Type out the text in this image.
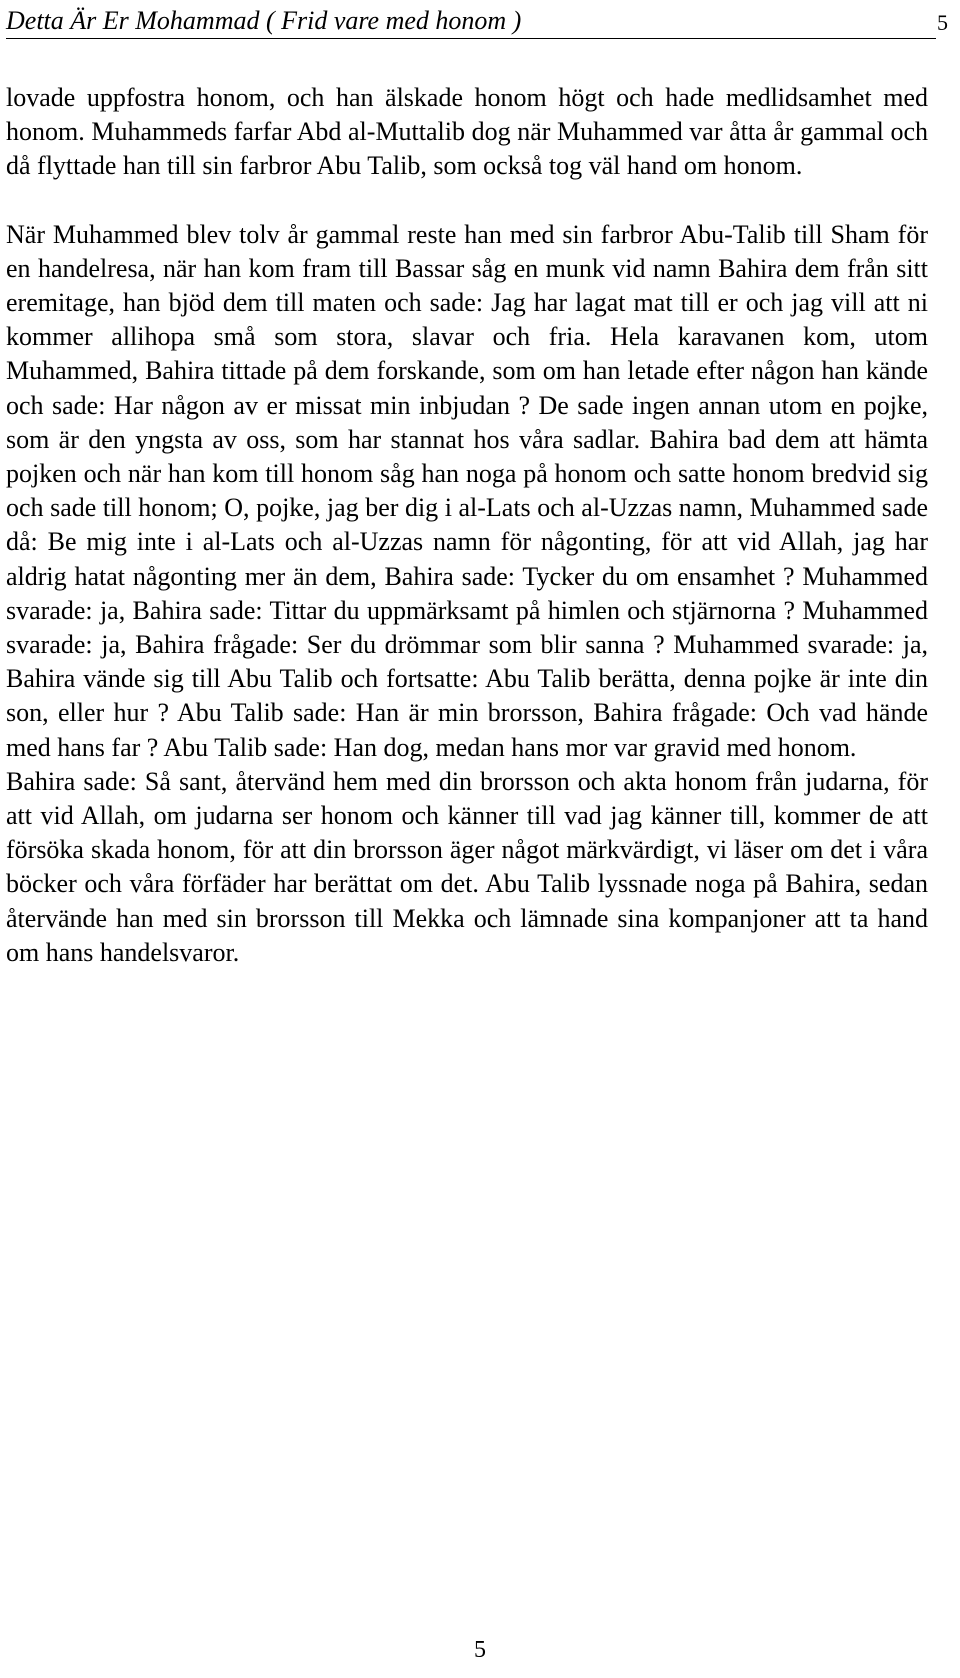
Detta Är Er Mohammad ( Frid vare med honom )	5

lovade uppfostra honom, och han älskade honom högt och hade medlidsamhet med honom. Muhammeds farfar Abd al-Muttalib dog när Muhammed var åtta år gammal och då flyttade han till sin farbror Abu Talib, som också tog väl hand om honom.

När Muhammed blev tolv år gammal reste han med sin farbror Abu-Talib till Sham för en handelresa, när han kom fram till Bassar såg en munk vid namn Bahira dem från sitt eremitage, han bjöd dem till maten och sade: Jag har lagat mat till er och jag vill att ni kommer allihopa små som stora, slavar och fria. Hela karavanen kom, utom Muhammed, Bahira tittade på dem forskande, som om han letade efter någon han kände och sade: Har någon av er missat min inbjudan ? De sade ingen annan utom en pojke, som är den yngsta av oss, som har stannat hos våra sadlar. Bahira bad dem att hämta pojken och när han kom till honom såg han noga på honom och satte honom bredvid sig och sade till honom; O, pojke, jag ber dig i al-Lats och al-Uzzas namn, Muhammed sade då: Be mig inte i al-Lats och al-Uzzas namn för någonting, för att vid Allah, jag har aldrig hatat någonting mer än dem, Bahira sade: Tycker du om ensamhet ? Muhammed svarade: ja, Bahira sade: Tittar du uppmärksamt på himlen och stjärnorna ? Muhammed svarade: ja, Bahira frågade: Ser du drömmar som blir sanna ? Muhammed svarade: ja, Bahira vände sig till Abu Talib och fortsatte: Abu Talib berätta, denna pojke är inte din son, eller hur ? Abu Talib sade: Han är min brorsson, Bahira frågade: Och vad hände med hans far ? Abu Talib sade: Han dog, medan hans mor var gravid med honom.

Bahira sade: Så sant, återvänd hem med din brorsson och akta honom från judarna, för att vid Allah, om judarna ser honom och känner till vad jag känner till, kommer de att försöka skada honom, för att din brorsson äger något märkvärdigt, vi läser om det i våra böcker och våra förfäder har berättat om det. Abu Talib lyssnade noga på Bahira, sedan återvände han med sin brorsson till Mekka och lämnade sina kompanjoner att ta hand om hans handelsvaror.

5
